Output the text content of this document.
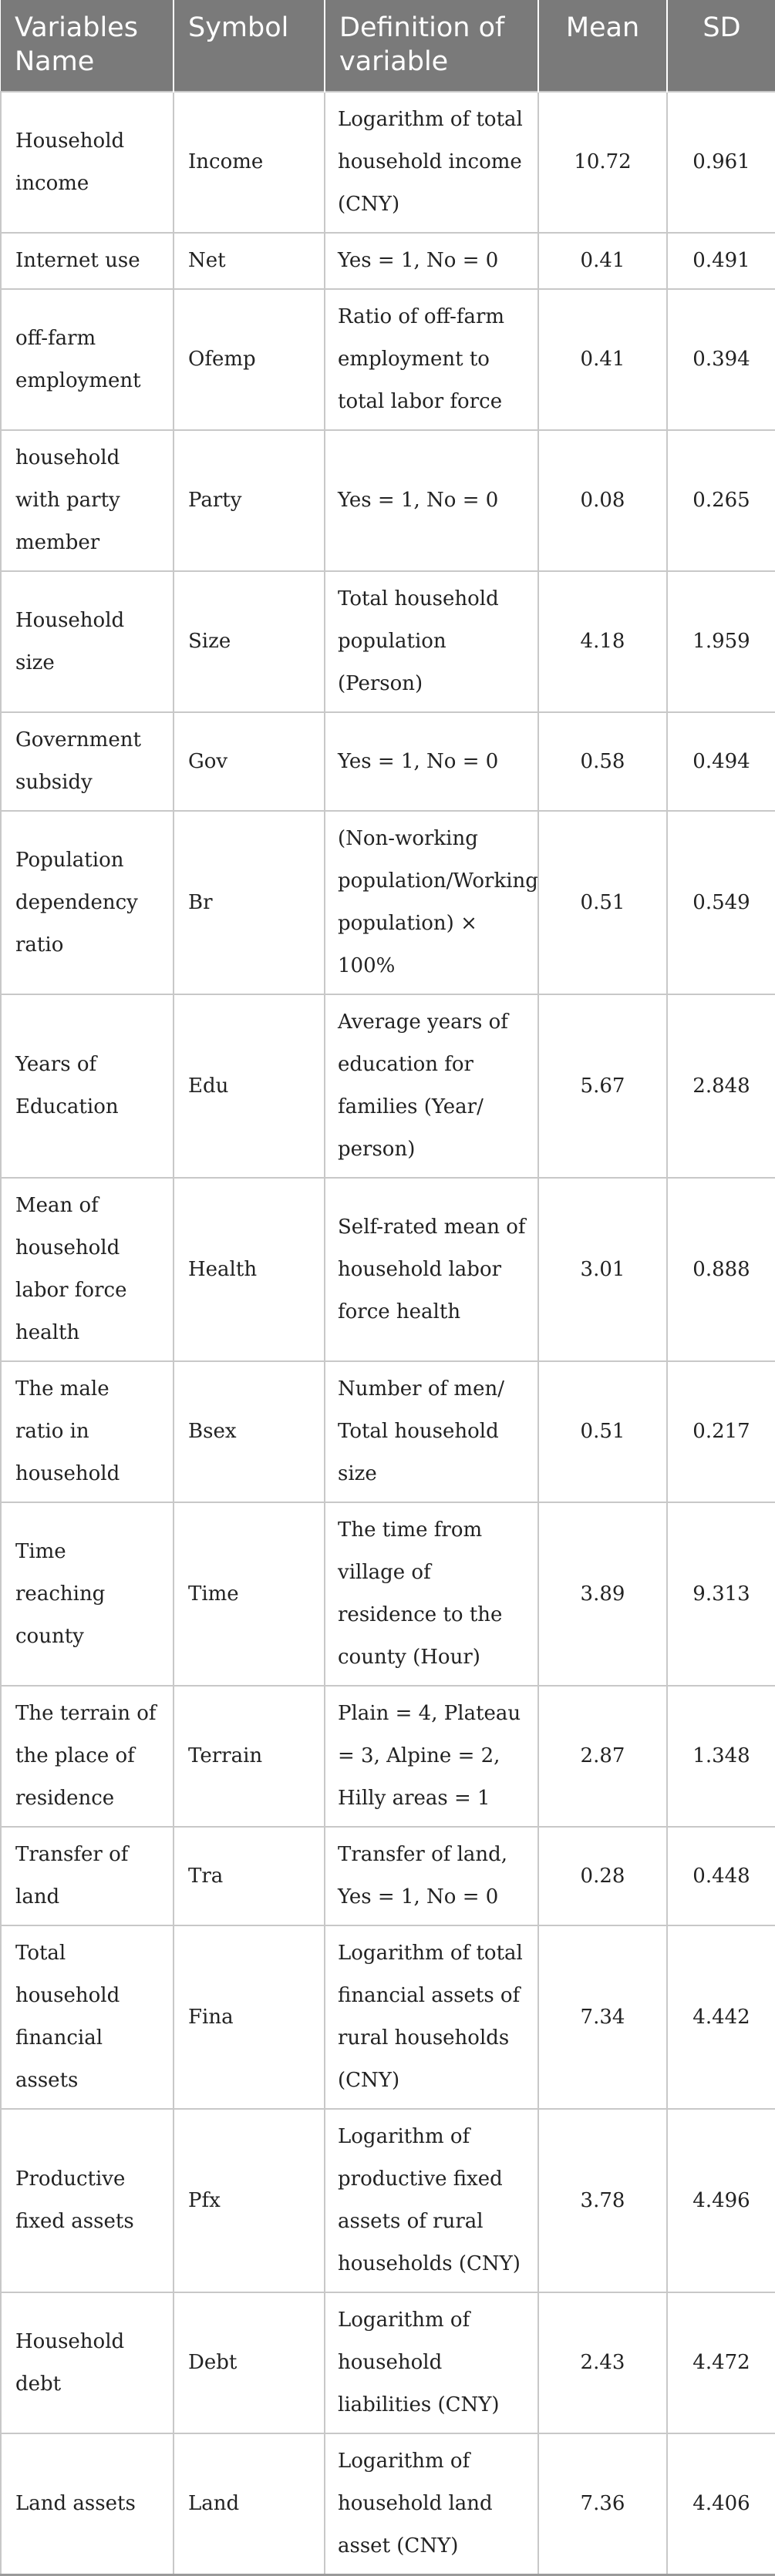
Variables Name	Symbol	Definition of variable	Mean	SD
Household income	Income	Logarithm of total household income (CNY)	10.72	0.961
Internet use	Net	Yes = 1, No = 0	0.41	0.491
off-farm employment	Ofemp	Ratio of off-farm employment to total labor force	0.41	0.394
household with party member	Party	Yes = 1, No = 0	0.08	0.265
Household size	Size	Total household population (Person)	4.18	1.959
Government subsidy	Gov	Yes = 1, No = 0	0.58	0.494
Population dependency ratio	Br	(Non-working population/Working population) × 100%	0.51	0.549
Years of Education	Edu	Average years of education for families (Year/ person)	5.67	2.848
Mean of household labor force health	Health	Self-rated mean of household labor force health	3.01	0.888
The male ratio in household	Bsex	Number of men/ Total household size	0.51	0.217
Time reaching county	Time	The time from village of residence to the county (Hour)	3.89	9.313
The terrain of the place of residence	Terrain	Plain = 4, Plateau = 3, Alpine = 2, Hilly areas = 1	2.87	1.348
Transfer of land	Tra	Transfer of land, Yes = 1, No = 0	0.28	0.448
Total household financial assets	Fina	Logarithm of total financial assets of rural households (CNY)	7.34	4.442
Productive fixed assets	Pfx	Logarithm of productive fixed assets of rural households (CNY)	3.78	4.496
Household debt	Debt	Logarithm of household liabilities (CNY)	2.43	4.472
Land assets	Land	Logarithm of household land asset (CNY)	7.36	4.406
